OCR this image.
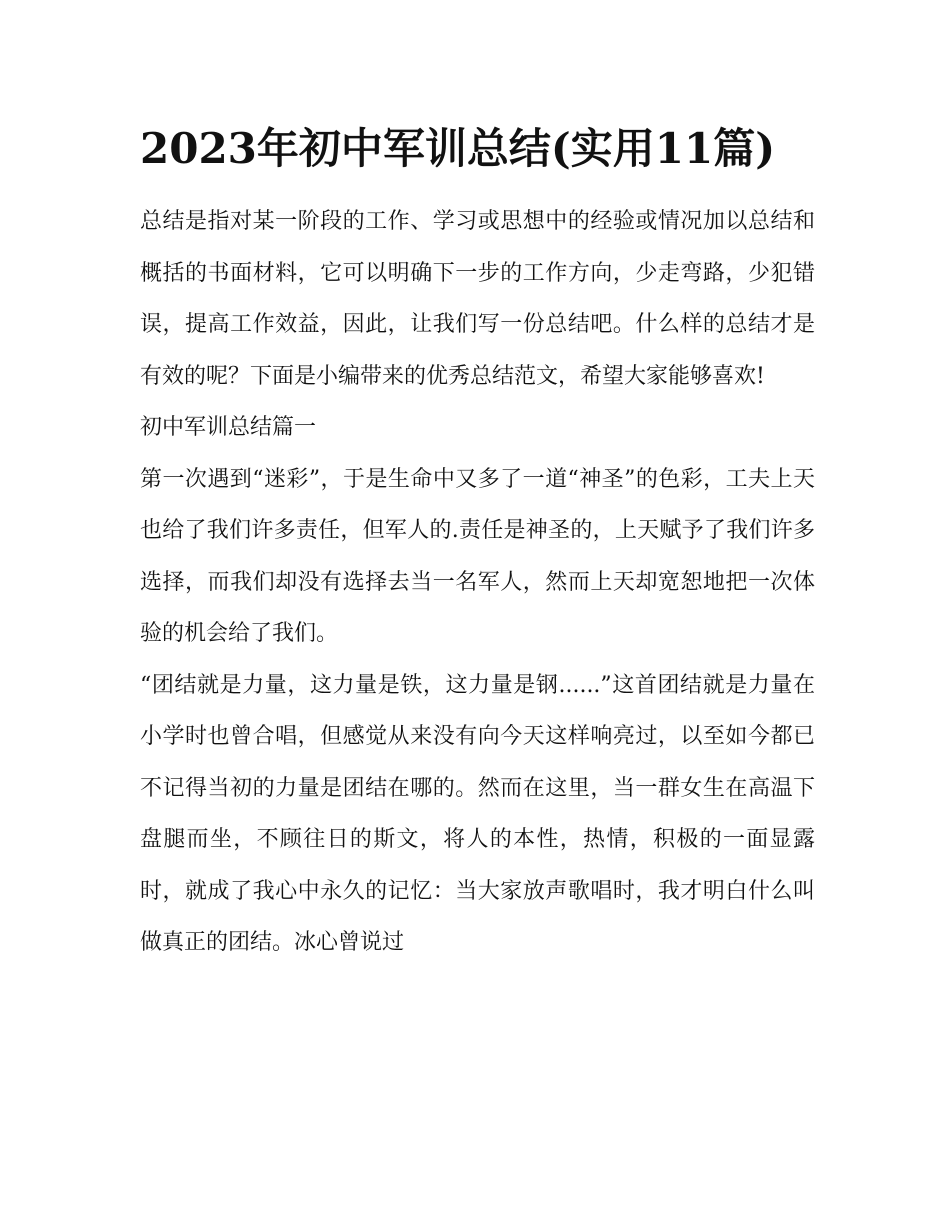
2023年初中军训总结(实用11篇)

总结是指对某一阶段的工作、学习或思想中的经验或情况加以总结和概括的书面材料，它可以明确下一步的工作方向，少走弯路，少犯错误，提高工作效益，因此，让我们写一份总结吧。什么样的总结才是有效的呢？下面是小编带来的优秀总结范文，希望大家能够喜欢!

初中军训总结篇一

第一次遇到“迷彩”，于是生命中又多了一道“神圣”的色彩，工夫上天也给了我们许多责任，但军人的.责任是神圣的，上天赋予了我们许多选择，而我们却没有选择去当一名军人，然而上天却宽恕地把一次体验的机会给了我们。

“团结就是力量，这力量是铁，这力量是钢......”这首团结就是力量在小学时也曾合唱，但感觉从来没有向今天这样响亮过，以至如今都已不记得当初的力量是团结在哪的。然而在这里，当一群女生在高温下盘腿而坐，不顾往日的斯文，将人的本性，热情，积极的一面显露时，就成了我心中永久的记忆：当大家放声歌唱时，我才明白什么叫做真正的团结。冰心曾说过
